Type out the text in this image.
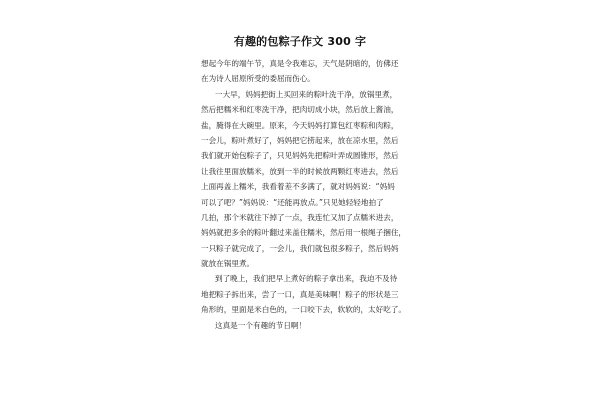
有趣的包粽子作文 300 字
想起今年的端午节，真是令我难忘，天气是阴暗的，仿佛还
在为诗人屈原所受的委屈而伤心。
一大早，妈妈把街上买回来的粽叶洗干净，放锅里煮，
然后把糯米和红枣洗干净，把肉切成小块，然后放上酱油，
盐，腌得在大碗里。原来，今天妈妈打算包红枣粽和肉粽，
一会儿，粽叶煮好了，妈妈把它捞起来，放在凉水里，然后
我们就开始包粽子了，只见妈妈先把粽叶弄成圆锥形，然后
让我往里面放糯米，放到一半的时候放两颗红枣进去，然后
上面再盖上糯米，我看着差不多满了，就对妈妈说：“妈妈
可以了吧？”妈妈说：“还能再放点。”只见她轻轻地拍了
几拍，那个米就往下掉了一点，我连忙又加了点糯米进去，
妈妈就把多余的粽叶翻过来盖住糯米，然后用一根绳子捆住，
一只粽子就完成了，一会儿，我们就包很多粽子，然后妈妈
就放在锅里煮。
到了晚上，我们把早上煮好的粽子拿出来，我迫不及待
地把粽子拆出来，尝了一口，真是美味啊！粽子的形状是三
角形的，里面是米白色的，一口咬下去，软软的，太好吃了。
这真是一个有趣的节日啊！
